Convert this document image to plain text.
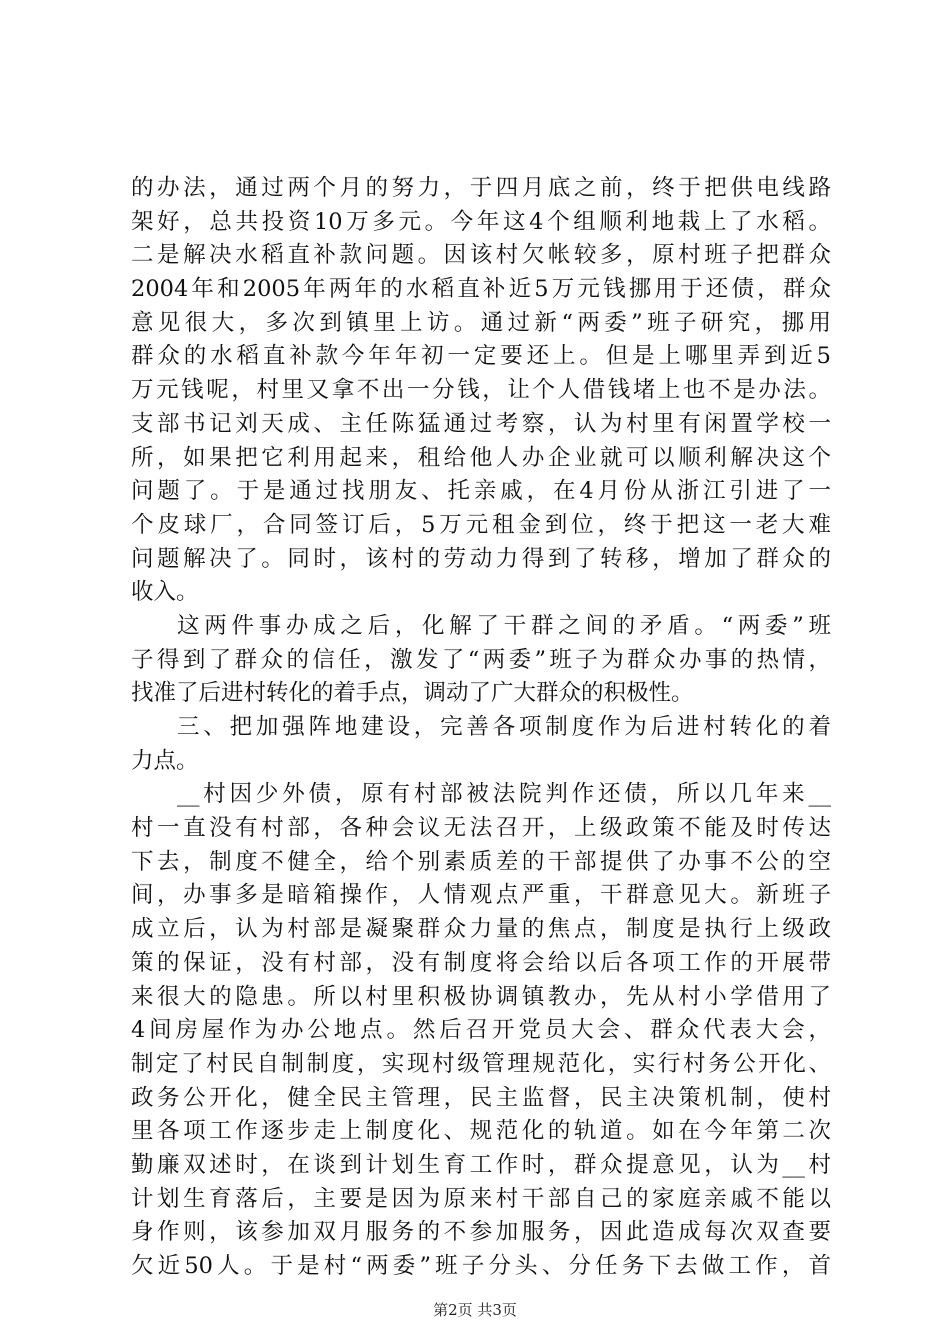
的办法，通过两个月的努力，于四月底之前，终于把供电线路
架好，总共投资10万多元。今年这4个组顺利地栽上了水稻。
二是解决水稻直补款问题。因该村欠帐较多，原村班子把群众
2004年和2005年两年的水稻直补近5万元钱挪用于还债，群众
意见很大，多次到镇里上访。通过新“两委”班子研究，挪用
群众的水稻直补款今年年初一定要还上。但是上哪里弄到近5
万元钱呢，村里又拿不出一分钱，让个人借钱堵上也不是办法。
支部书记刘天成、主任陈猛通过考察，认为村里有闲置学校一
所，如果把它利用起来，租给他人办企业就可以顺利解决这个
问题了。于是通过找朋友、托亲戚，在4月份从浙江引进了一
个皮球厂，合同签订后，5万元租金到位，终于把这一老大难
问题解决了。同时，该村的劳动力得到了转移，增加了群众的
收入。
这两件事办成之后，化解了干群之间的矛盾。“两委”班
子得到了群众的信任，激发了“两委”班子为群众办事的热情，
找准了后进村转化的着手点，调动了广大群众的积极性。
三、把加强阵地建设，完善各项制度作为后进村转化的着
力点。
__村因少外债，原有村部被法院判作还债，所以几年来__
村一直没有村部，各种会议无法召开，上级政策不能及时传达
下去，制度不健全，给个别素质差的干部提供了办事不公的空
间，办事多是暗箱操作，人情观点严重，干群意见大。新班子
成立后，认为村部是凝聚群众力量的焦点，制度是执行上级政
策的保证，没有村部，没有制度将会给以后各项工作的开展带
来很大的隐患。所以村里积极协调镇教办，先从村小学借用了
4间房屋作为办公地点。然后召开党员大会、群众代表大会，
制定了村民自制制度，实现村级管理规范化，实行村务公开化、
政务公开化，健全民主管理，民主监督，民主决策机制，使村
里各项工作逐步走上制度化、规范化的轨道。如在今年第二次
勤廉双述时，在谈到计划生育工作时，群众提意见，认为__村
计划生育落后，主要是因为原来村干部自己的家庭亲戚不能以
身作则，该参加双月服务的不参加服务，因此造成每次双查要
欠近50人。于是村“两委”班子分头、分任务下去做工作，首
第2页 共3页
